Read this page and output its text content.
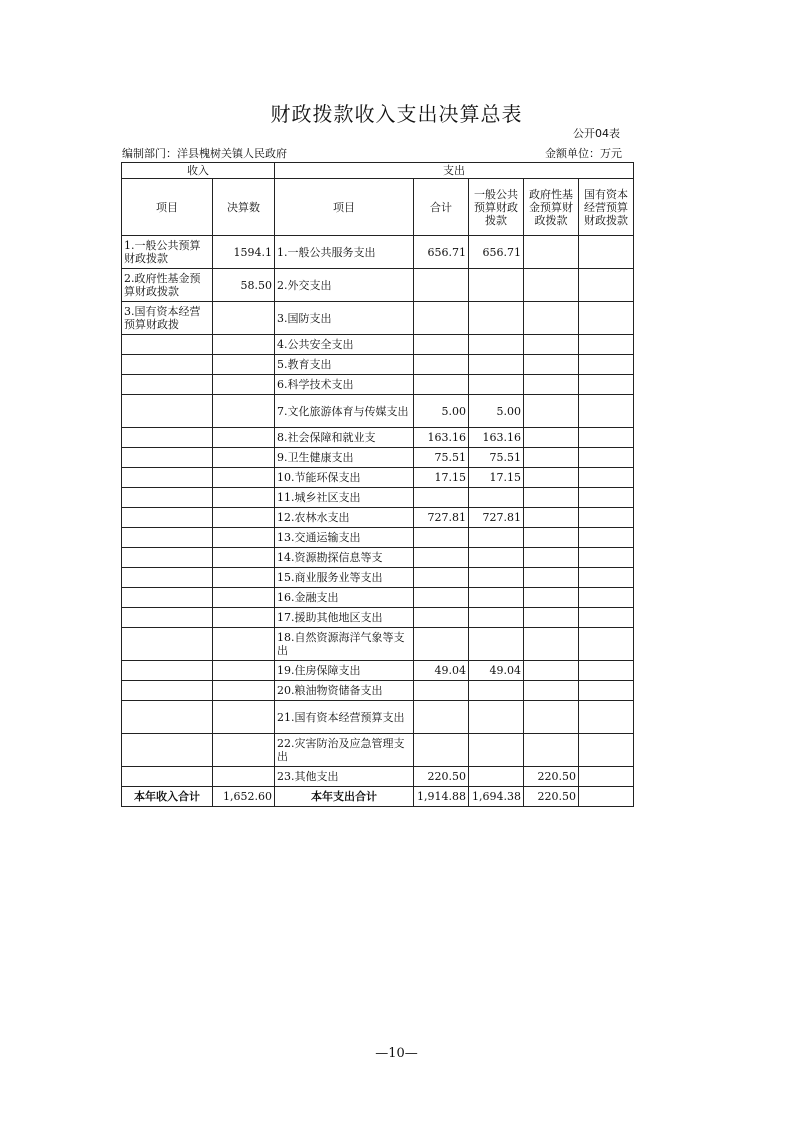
财政拨款收入支出决算总表
公开04表
编制部门：洋县槐树关镇人民政府	金额单位：万元
收入		支出				
项目	决算数	项目	合计	一般公共预算财政拨款	政府性基金预算财政拨款	国有资本经营预算财政拨款
1.一般公共预算财政拨款	1594.1	1.一般公共服务支出	656.71	656.71		
2.政府性基金预算财政拨款	58.50	2.外交支出				
3.国有资本经营预算财政拨		3.国防支出				
		4.公共安全支出				
		5.教育支出				
		6.科学技术支出				
		7.文化旅游体育与传媒支出	5.00	5.00		
		8.社会保障和就业支	163.16	163.16		
		9.卫生健康支出	75.51	75.51		
		10.节能环保支出	17.15	17.15		
		11.城乡社区支出				
		12.农林水支出	727.81	727.81		
		13.交通运输支出				
		14.资源勘探信息等支				
		15.商业服务业等支出				
		16.金融支出				
		17.援助其他地区支出				
		18.自然资源海洋气象等支出				
		19.住房保障支出	49.04	49.04		
		20.粮油物资储备支出				
		21.国有资本经营预算支出				
		22.灾害防治及应急管理支出				
		23.其他支出	220.50		220.50	
本年收入合计	1,652.60	本年支出合计	1,914.88	1,694.38	220.50	
—10—
